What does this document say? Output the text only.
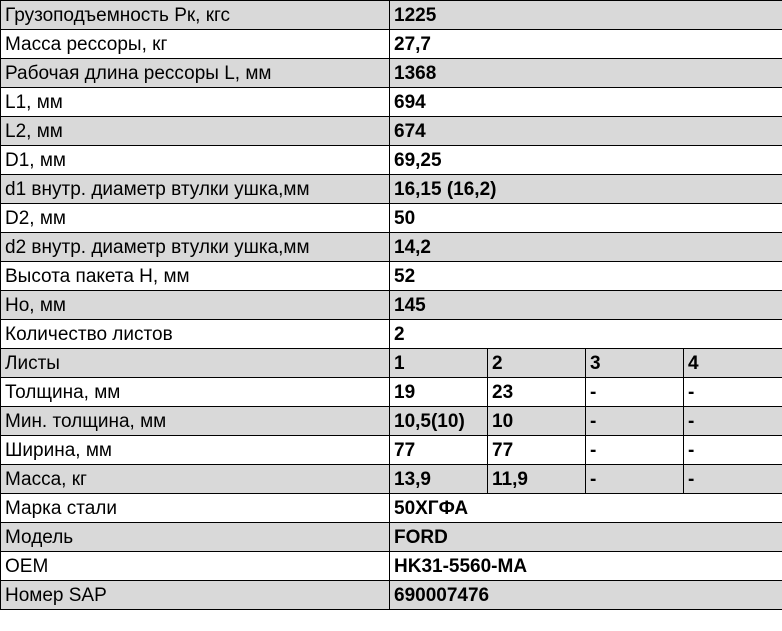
Грузоподъемность Рк, кгс	1225			
Масса рессоры, кг	27,7			
Рабочая длина рессоры L, мм	1368			
L1, мм	694			
L2, мм	674			
D1, мм	69,25			
d1 внутр. диаметр втулки ушка,мм	16,15 (16,2)			
D2, мм	50			
d2 внутр. диаметр втулки ушка,мм	14,2			
Высота пакета H, мм	52			
Ho, мм	145			
Количество листов	2			
Листы	1	2	3	4
Толщина, мм	19	23	-	-
Мин. толщина, мм	10,5(10)	10	-	-
Ширина, мм	77	77	-	-
Масса, кг	13,9	11,9	-	-
Марка стали	50ХГФА			
Модель	FORD			
OEM	HK31-5560-MA			
Номер SAP	690007476			
